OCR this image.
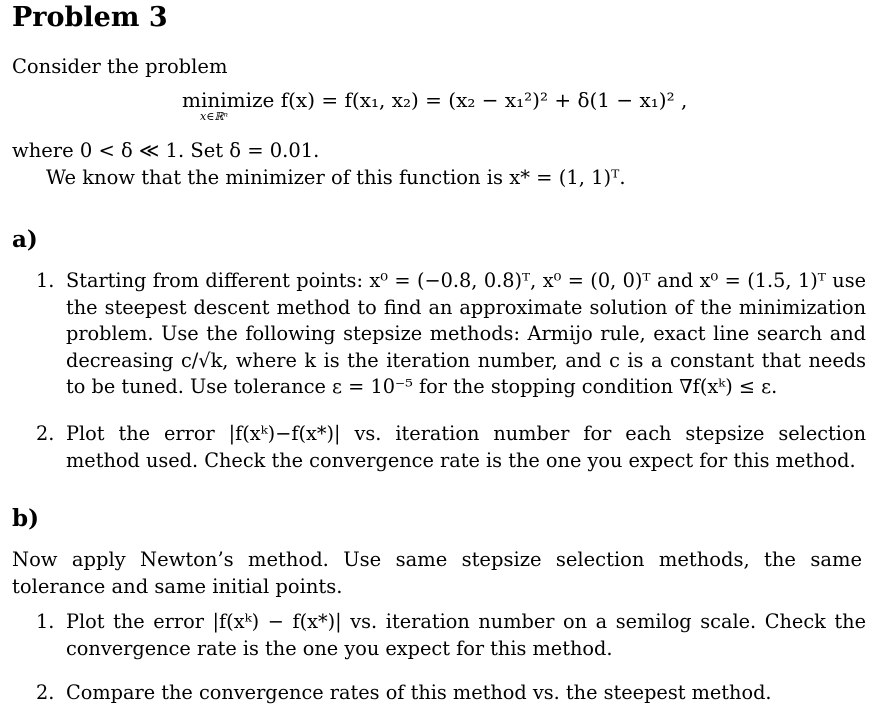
Problem 3
Consider the problem
minimize f(x) = f(x₁, x₂) = (x₂ − x₁²)² + δ(1 − x₁)² ,
x∈ℝⁿ
where 0 < δ ≪ 1. Set δ = 0.01.
We know that the minimizer of this function is x* = (1, 1)ᵀ.
a)
1. Starting from different points: x⁰ = (−0.8, 0.8)ᵀ, x⁰ = (0, 0)ᵀ and x⁰ = (1.5, 1)ᵀ use the steepest descent method to find an approximate solution of the minimization problem. Use the following stepsize methods: Armijo rule, exact line search and decreasing c/√k, where k is the iteration number, and c is a constant that needs to be tuned. Use tolerance ε = 10⁻⁵ for the stopping condition ∇f(xᵏ) ≤ ε.
2. Plot the error |f(xᵏ)−f(x*)| vs. iteration number for each stepsize selection method used. Check the convergence rate is the one you expect for this method.
b)
Now apply Newton’s method. Use same stepsize selection methods, the same tolerance and same initial points.
1. Plot the error |f(xᵏ) − f(x*)| vs. iteration number on a semilog scale. Check the convergence rate is the one you expect for this method.
2. Compare the convergence rates of this method vs. the steepest method.
